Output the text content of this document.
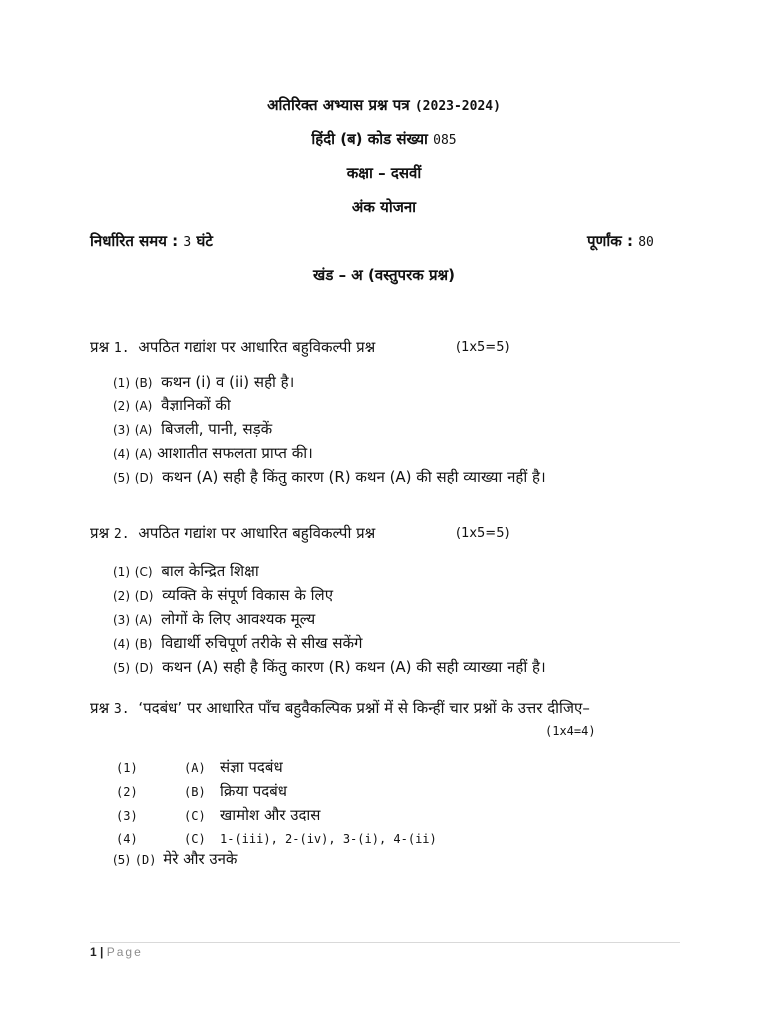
अतिरिक्त अभ्यास प्रश्न पत्र (2023-2024)
हिंदी (ब) कोड संख्या 085
कक्षा – दसवीं
अंक योजना
निर्धारित समय : 3 घंटे	पूर्णांक : 80
खंड – अ (वस्तुपरक प्रश्न)
प्रश्न 1. अपठित गद्यांश पर आधारित बहुविकल्पी प्रश्न	(1x5=5)
(1) (B) कथन (i) व (ii) सही है।
(2) (A) वैज्ञानिकों की
(3) (A) बिजली, पानी, सड़कें
(4) (A) आशातीत सफलता प्राप्त की।
(5) (D) कथन (A) सही है किंतु कारण (R) कथन (A) की सही व्याख्या नहीं है।
प्रश्न 2. अपठित गद्यांश पर आधारित बहुविकल्पी प्रश्न	(1x5=5)
(1) (C) बाल केन्द्रित शिक्षा
(2) (D) व्यक्ति के संपूर्ण विकास के लिए
(3) (A) लोगों के लिए आवश्यक मूल्य
(4) (B) विद्यार्थी रुचिपूर्ण तरीके से सीख सकेंगे
(5) (D) कथन (A) सही है किंतु कारण (R) कथन (A) की सही व्याख्या नहीं है।
प्रश्न 3. ‘पदबंध’ पर आधारित पाँच बहुवैकल्पिक प्रश्नों में से किन्हीं चार प्रश्नों के उत्तर दीजिए–
(1x4=4)
(1)	(A) संज्ञा पदबंध
(2)	(B) क्रिया पदबंध
(3)	(C) खामोश और उदास
(4)	(C) 1-(iii), 2-(iv), 3-(i), 4-(ii)
(5) (D) मेरे और उनके
1 | Page
